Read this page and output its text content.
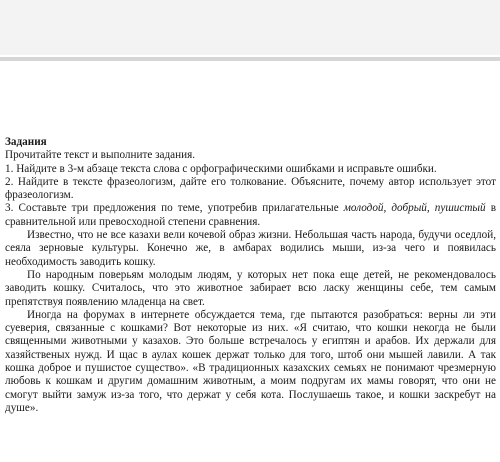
Задания

Прочитайте текст и выполните задания.

1. Найдите в 3-м абзаце текста слова с орфографическими ошибками и исправьте ошибки.

2. Найдите в тексте фразеологизм, дайте его толкование. Объясните, почему автор использует этот фразеологизм.

3. Составьте три предложения по теме, употребив прилагательные молодой, добрый, пушистый в сравнительной или превосходной степени сравнения.

Известно, что не все казахи вели кочевой образ жизни. Небольшая часть народа, будучи оседлой, сеяла зерновые культуры. Конечно же, в амбарах водились мыши, из-за чего и появилась необходимость заводить кошку.

По народным поверьям молодым людям, у которых нет пока еще детей, не рекомендовалось заводить кошку. Считалось, что это животное забирает всю ласку женщины себе, тем самым препятствуя появлению младенца на свет.

Иногда на форумах в интернете обсуждается тема, где пытаются разобраться: верны ли эти суеверия, связанные с кошками? Вот некоторые из них. «Я считаю, что кошки некогда не были священными животными у казахов. Это больше встречалось у египтян и арабов. Их держали для хазяйственых нужд. И щас в аулах кошек держат только для того, штоб они мышей лавили. А так кошка доброе и пушистое существо». «В традиционных казахских семьях не понимают чрезмерную любовь к кошкам и другим домашним животным, а моим подругам их мамы говорят, что они не смогут выйти замуж из-за того, что держат у себя кота. Послушаешь такое, и кошки заскребут на душе».
